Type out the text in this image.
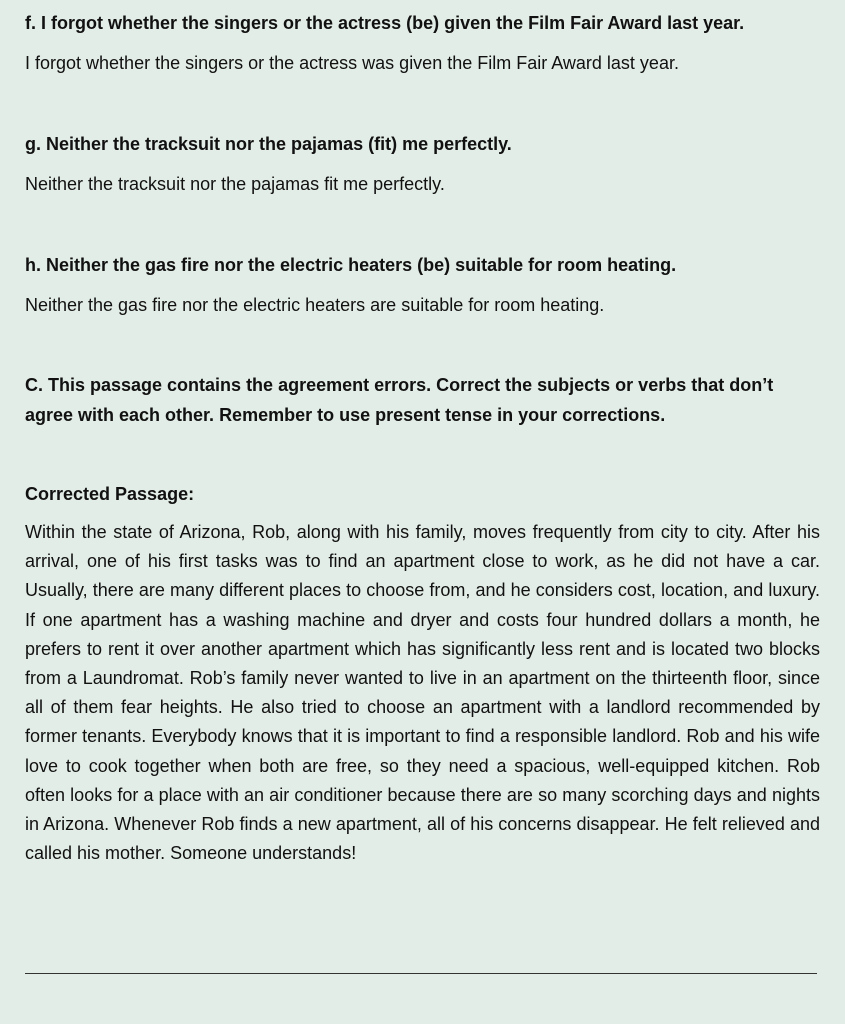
f. I forgot whether the singers or the actress (be) given the Film Fair Award last year.

I forgot whether the singers or the actress was given the Film Fair Award last year.

g. Neither the tracksuit nor the pajamas (fit) me perfectly.

Neither the tracksuit nor the pajamas fit me perfectly.

h. Neither the gas fire nor the electric heaters (be) suitable for room heating.

Neither the gas fire nor the electric heaters are suitable for room heating.

C. This passage contains the agreement errors. Correct the subjects or verbs that don’t agree with each other. Remember to use present tense in your corrections.

Corrected Passage:

Within the state of Arizona, Rob, along with his family, moves frequently from city to city. After his arrival, one of his first tasks was to find an apartment close to work, as he did not have a car. Usually, there are many different places to choose from, and he considers cost, location, and luxury. If one apartment has a washing machine and dryer and costs four hundred dollars a month, he prefers to rent it over another apartment which has significantly less rent and is located two blocks from a Laundromat. Rob’s family never wanted to live in an apartment on the thirteenth floor, since all of them fear heights. He also tried to choose an apartment with a landlord recommended by former tenants. Everybody knows that it is important to find a responsible landlord. Rob and his wife love to cook together when both are free, so they need a spacious, well-equipped kitchen. Rob often looks for a place with an air conditioner because there are so many scorching days and nights in Arizona. Whenever Rob finds a new apartment, all of his concerns disappear. He felt relieved and called his mother. Someone understands!
